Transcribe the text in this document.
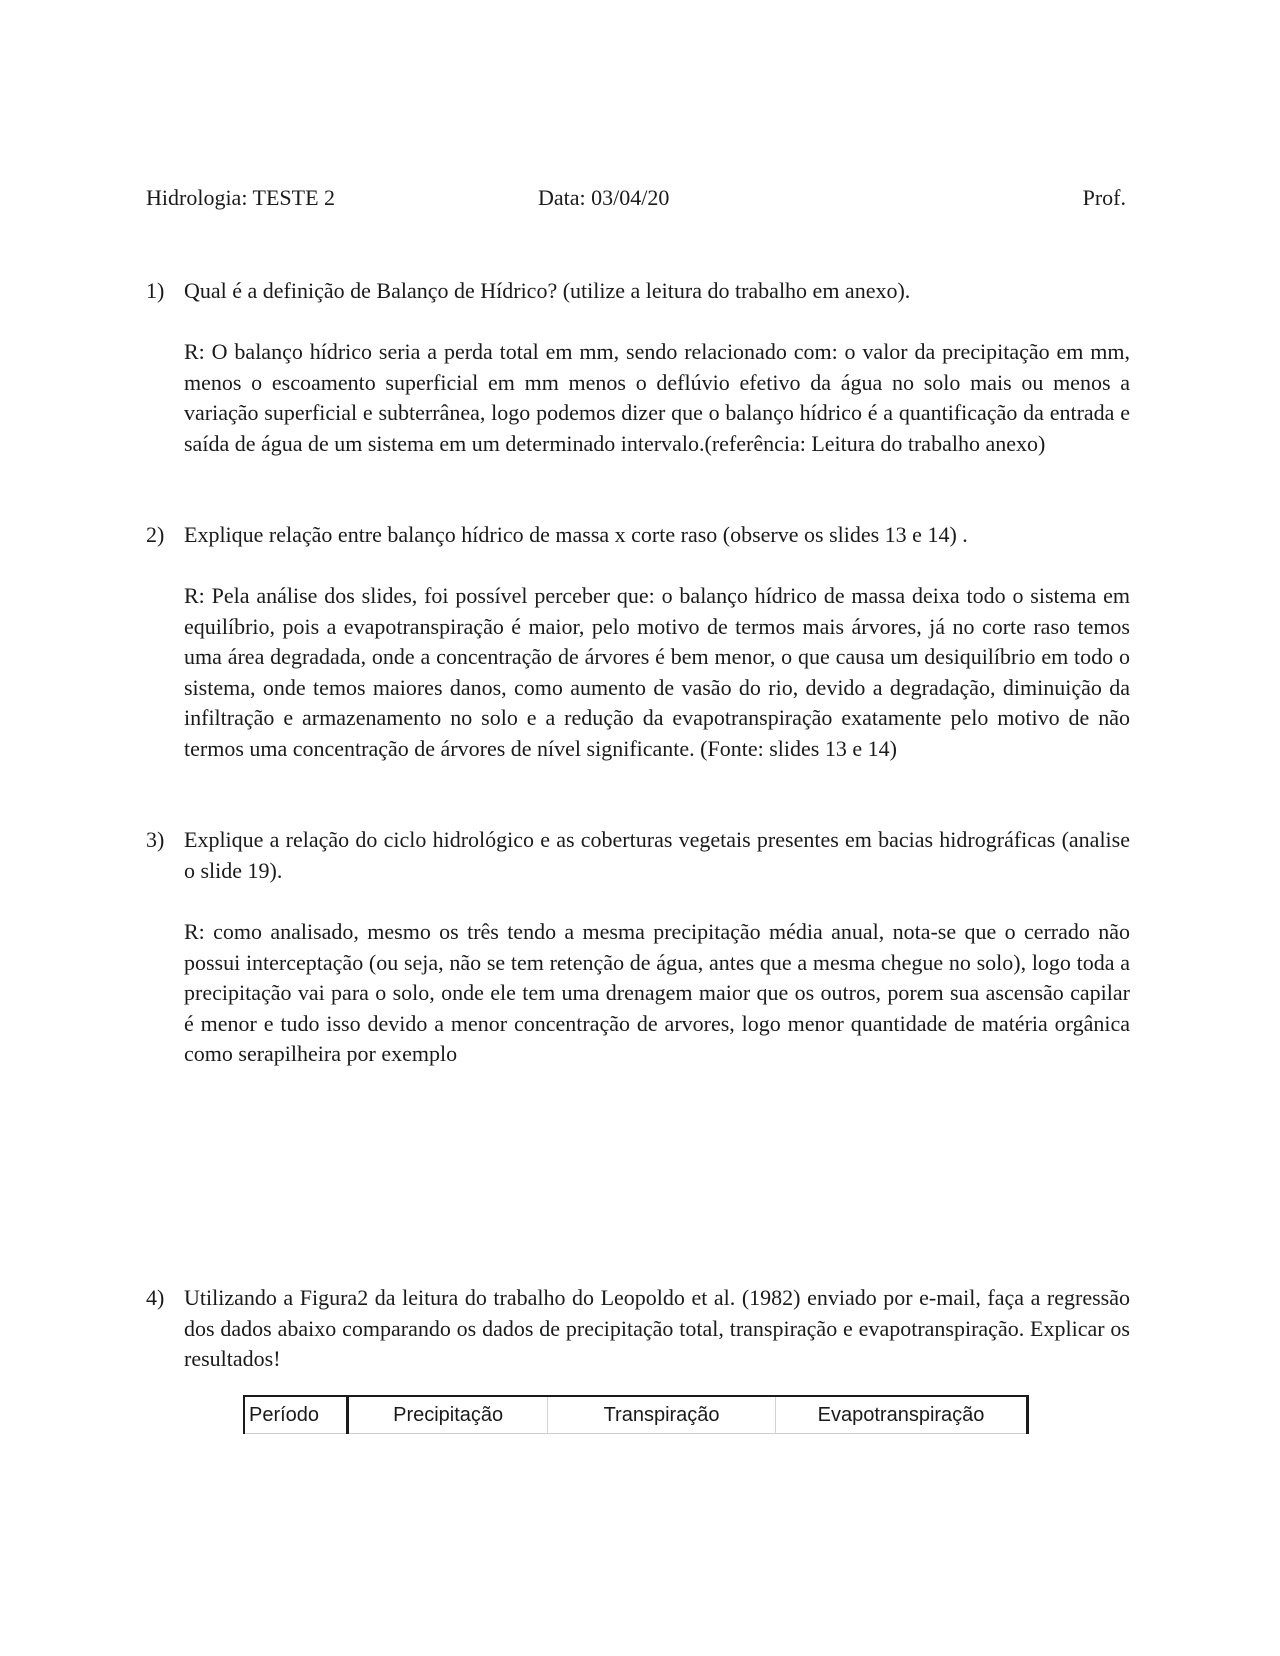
Hidrologia: TESTE 2	Data: 03/04/20	Prof.
1) Qual é a definição de Balanço de Hídrico? (utilize a leitura do trabalho em anexo).
R: O balanço hídrico seria a perda total em mm, sendo relacionado com: o valor da precipitação em mm, menos o escoamento superficial em mm menos o deflúvio efetivo da água no solo mais ou menos a variação superficial e subterrânea, logo podemos dizer que o balanço hídrico é a quantificação da entrada e saída de água de um sistema em um determinado intervalo.(referência: Leitura do trabalho anexo)
2) Explique relação entre balanço hídrico de massa x corte raso (observe os slides 13 e 14) .
R: Pela análise dos slides, foi possível perceber que: o balanço hídrico de massa deixa todo o sistema em equilíbrio, pois a evapotranspiração é maior, pelo motivo de termos mais árvores, já no corte raso temos uma área degradada, onde a concentração de árvores é bem menor, o que causa um desiquilíbrio em todo o sistema, onde temos maiores danos, como aumento de vasão do rio, devido a degradação, diminuição da infiltração e armazenamento no solo e a redução da evapotranspiração exatamente pelo motivo de não termos uma concentração de árvores de nível significante. (Fonte: slides 13 e 14)
3) Explique a relação do ciclo hidrológico e as coberturas vegetais presentes em bacias hidrográficas (analise o slide 19).
R: como analisado, mesmo os três tendo a mesma precipitação média anual, nota-se que o cerrado não possui interceptação (ou seja, não se tem retenção de água, antes que a mesma chegue no solo), logo toda a precipitação vai para o solo, onde ele tem uma drenagem maior que os outros, porem sua ascensão capilar é menor e tudo isso devido a menor concentração de arvores, logo menor quantidade de matéria orgânica como serapilheira por exemplo
4) Utilizando a Figura2 da leitura do trabalho do Leopoldo et al. (1982) enviado por e-mail, faça a regressão dos dados abaixo comparando os dados de precipitação total, transpiração e evapotranspiração. Explicar os resultados!
Período	Precipitação	Transpiração	Evapotranspiração
